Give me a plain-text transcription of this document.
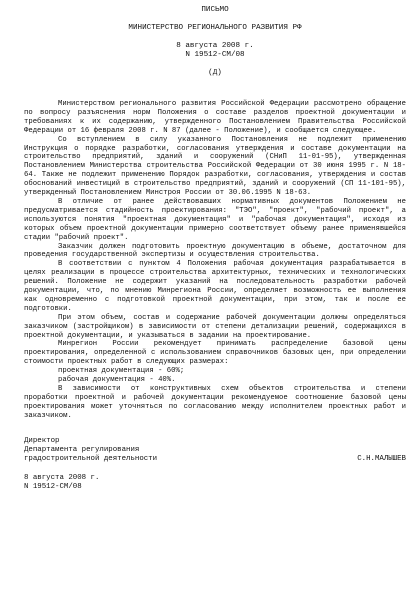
ПИСЬМО
МИНИСТЕРСТВО РЕГИОНАЛЬНОГО РАЗВИТИЯ РФ
8 августа 2008 г.
N 19512-СМ/08
(Д)

Министерством регионального развития Российской Федерации рассмотрено обращение по вопросу разъяснения норм Положения о составе разделов проектной документации и требованиях к их содержанию, утвержденного Постановлением Правительства Российской Федерации от 16 февраля 2008 г. N 87 (далее - Положение), и сообщается следующее.

Со вступлением в силу указанного Постановления не подлежит применению Инструкция о порядке разработки, согласования утверждения и составе документации на строительство предприятий, зданий и сооружений (СНиП 11-01-95), утвержденная Постановлением Министерства строительства Российской Федерации от 30 июня 1995 г. N 18-64. Также не подлежит применению Порядок разработки, согласования, утверждения и состав обоснований инвестиций в строительство предприятий, зданий и сооружений (СП 11-101-95), утвержденный Постановлением Минстроя России от 30.06.1995 N 18-63.

В отличие от ранее действовавших нормативных документов Положением не предусматривается стадийность проектирования: "ТЭО", "проект", "рабочий проект", а используются понятия "проектная документация" и "рабочая документация", исходя из которых объем проектной документации примерно соответствует объему ранее применявшейся стадии "рабочий проект".

Заказчик должен подготовить проектную документацию в объеме, достаточном для проведения государственной экспертизы и осуществления строительства.

В соответствии с пунктом 4 Положения рабочая документация разрабатывается в целях реализации в процессе строительства архитектурных, технических и технологических решений. Положение не содержит указаний на последовательность разработки рабочей документации, что, по мнению Минрегиона России, определяет возможность ее выполнения как одновременно с подготовкой проектной документации, при этом, так и после ее подготовки.

При этом объем, состав и содержание рабочей документации должны определяться заказчиком (застройщиком) в зависимости от степени детализации решений, содержащихся в проектной документации, и указываться в задании на проектирование.

Минрегион России рекомендует принимать распределение базовой цены проектирования, определенной с использованием справочников базовых цен, при определении стоимости проектных работ в следующих размерах:

проектная документация - 60%;

рабочая документация - 40%.

В зависимости от конструктивных схем объектов строительства и степени проработки проектной и рабочей документации рекомендуемое соотношение базовой цены проектирования может уточняться по согласованию между исполнителем проектных работ и заказчиком.

Директор
Департамента регулирования
градостроительной деятельности	С.Н.МАЛЫШЕВ
8 августа 2008 г.
N 19512-СМ/08
